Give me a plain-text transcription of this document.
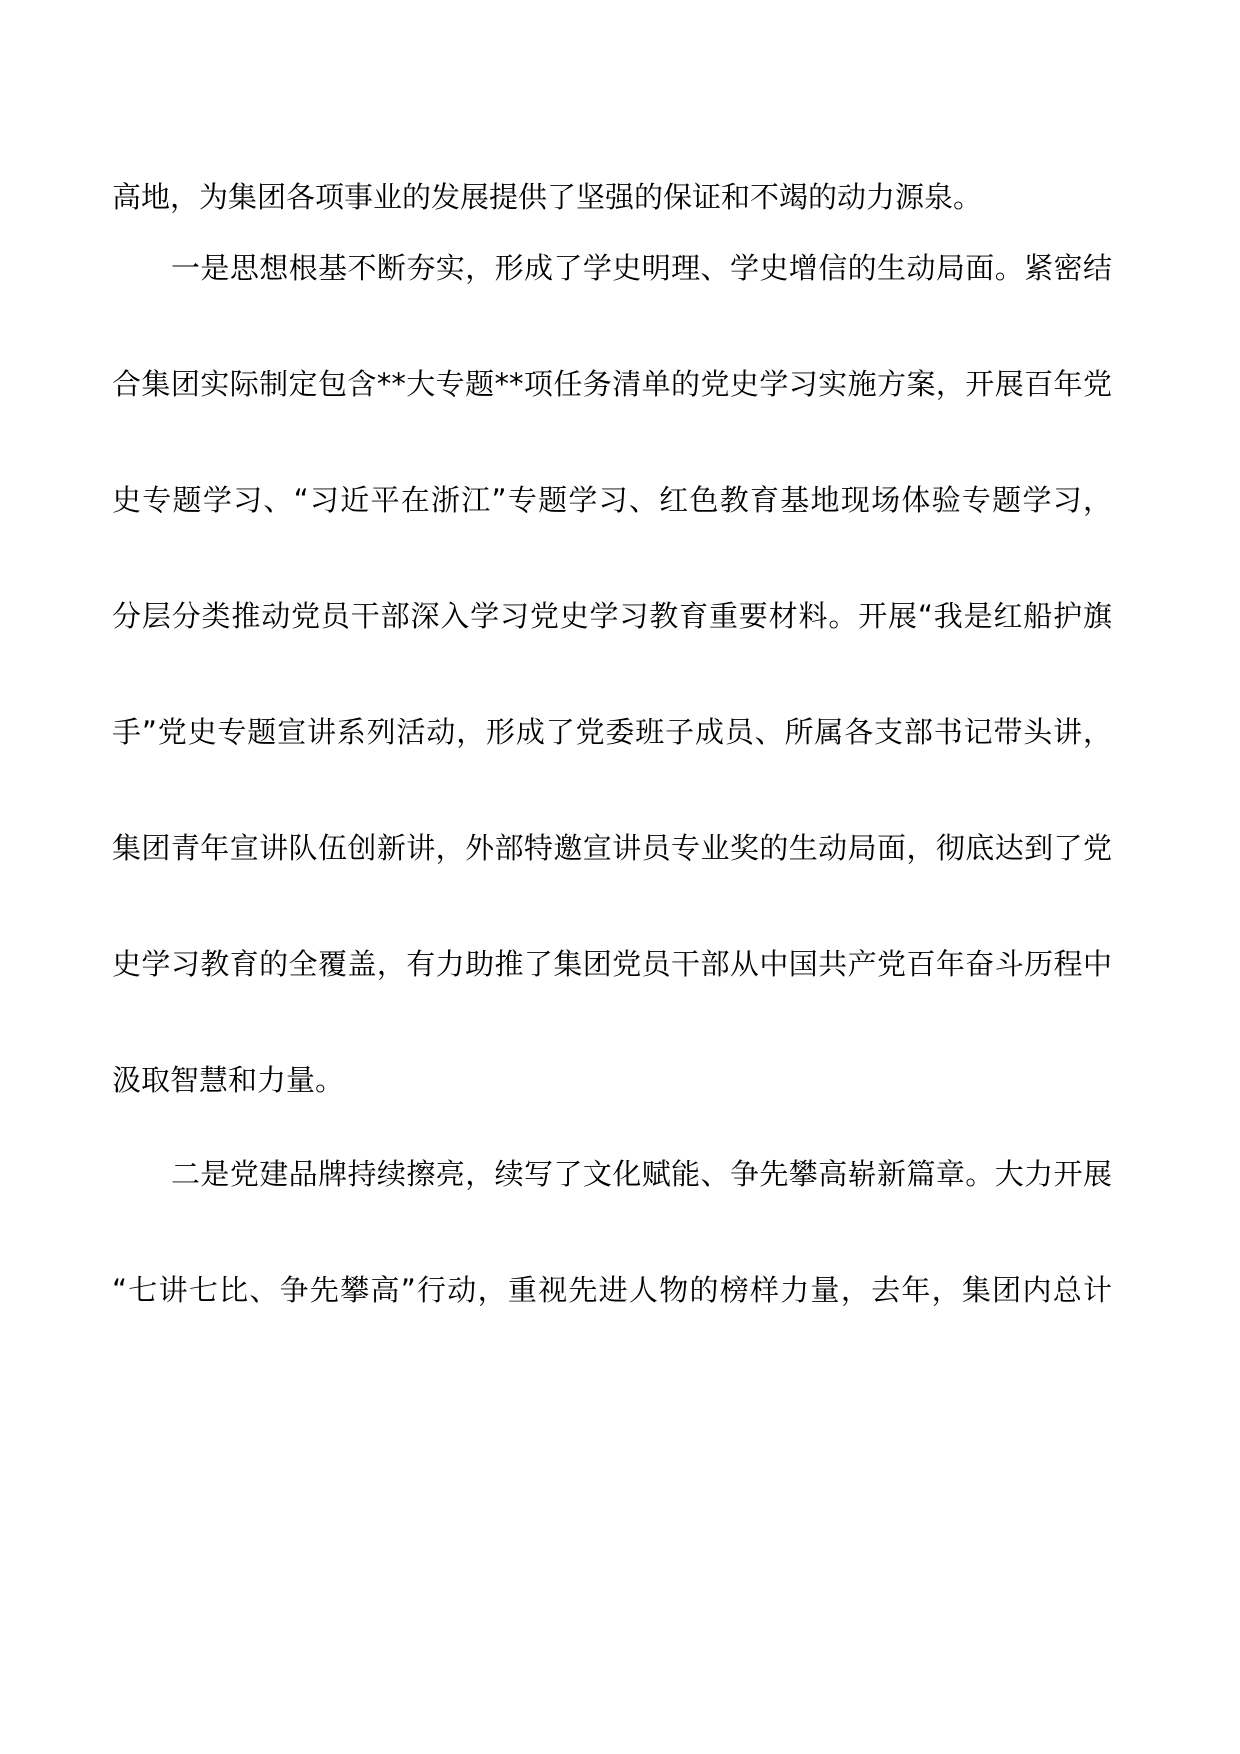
高地，为集团各项事业的发展提供了坚强的保证和不竭的动力源泉。
一是思想根基不断夯实，形成了学史明理、学史增信的生动局面。紧密结
合集团实际制定包含**大专题**项任务清单的党史学习实施方案，开展百年党
史专题学习、“习近平在浙江”专题学习、红色教育基地现场体验专题学习，
分层分类推动党员干部深入学习党史学习教育重要材料。开展“我是红船护旗
手”党史专题宣讲系列活动，形成了党委班子成员、所属各支部书记带头讲，
集团青年宣讲队伍创新讲，外部特邀宣讲员专业奖的生动局面，彻底达到了党
史学习教育的全覆盖，有力助推了集团党员干部从中国共产党百年奋斗历程中
汲取智慧和力量。
二是党建品牌持续擦亮，续写了文化赋能、争先攀高崭新篇章。大力开展
“七讲七比、争先攀高”行动，重视先进人物的榜样力量，去年，集团内总计
